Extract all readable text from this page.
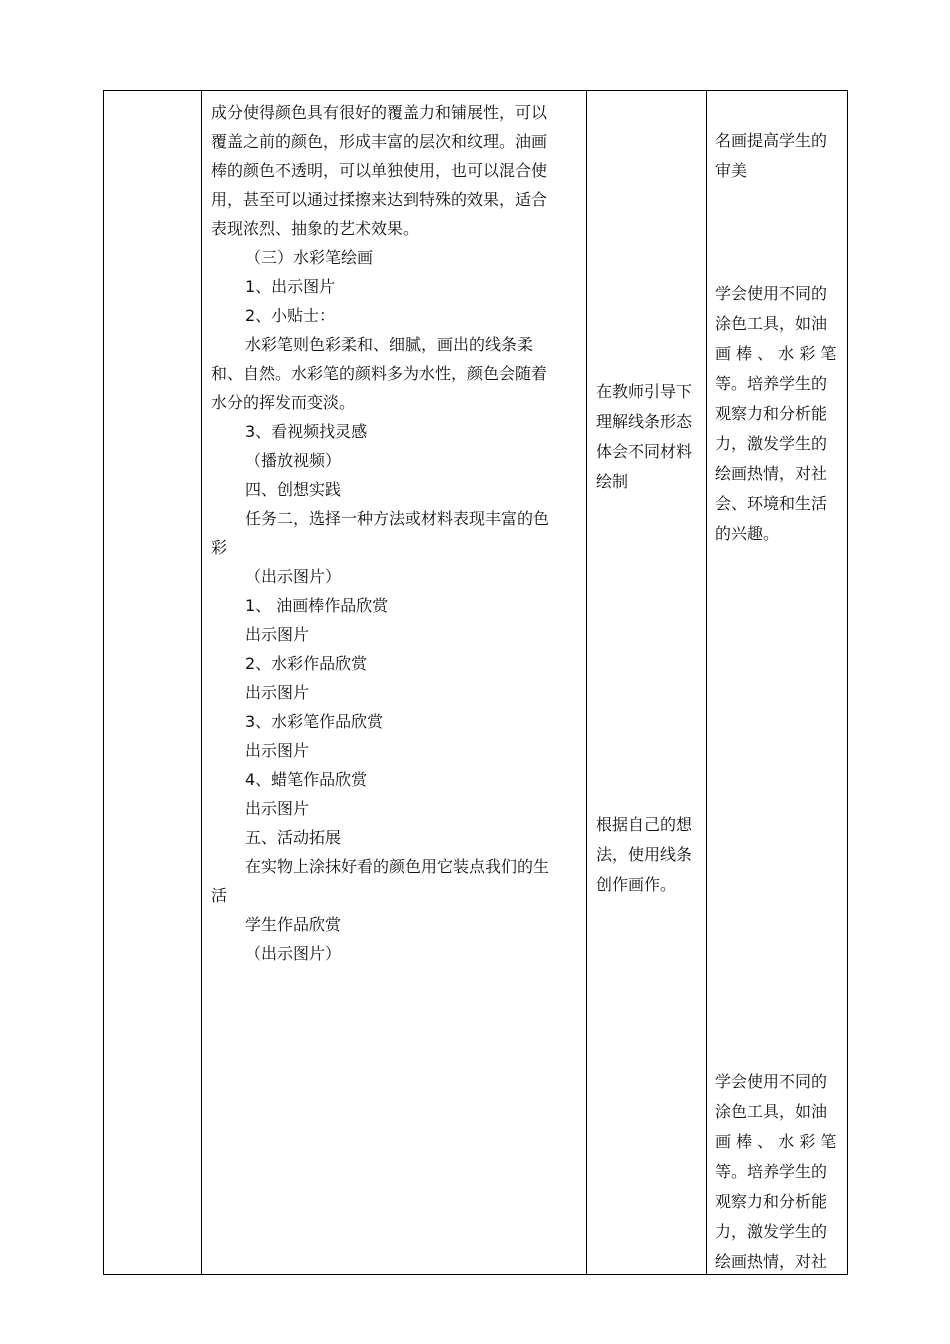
成分使得颜色具有很好的覆盖力和铺展性，可以
覆盖之前的颜色，形成丰富的层次和纹理。油画
棒的颜色不透明，可以单独使用，也可以混合使
用，甚至可以通过揉擦来达到特殊的效果，适合
表现浓烈、抽象的艺术效果。
（三）水彩笔绘画
1、出示图片
2、小贴士：
水彩笔则色彩柔和、细腻，画出的线条柔
和、自然。水彩笔的颜料多为水性，颜色会随着
水分的挥发而变淡。
3、看视频找灵感
（播放视频）
四、创想实践
任务二，选择一种方法或材料表现丰富的色
彩
（出示图片）
1、 油画棒作品欣赏
出示图片
2、水彩作品欣赏
出示图片
3、水彩笔作品欣赏
出示图片
4、蜡笔作品欣赏
出示图片
五、活动拓展
在实物上涂抹好看的颜色用它装点我们的生
活
学生作品欣赏
（出示图片）
在教师引导下
理解线条形态
体会不同材料
绘制
根据自己的想
法，使用线条
创作画作。
名画提高学生的
审美
学会使用不同的
涂色工具，如油
画 棒 、 水 彩 笔
等。培养学生的
观察力和分析能
力，激发学生的
绘画热情，对社
会、环境和生活
的兴趣。
学会使用不同的
涂色工具，如油
画 棒 、 水 彩 笔
等。培养学生的
观察力和分析能
力，激发学生的
绘画热情，对社
